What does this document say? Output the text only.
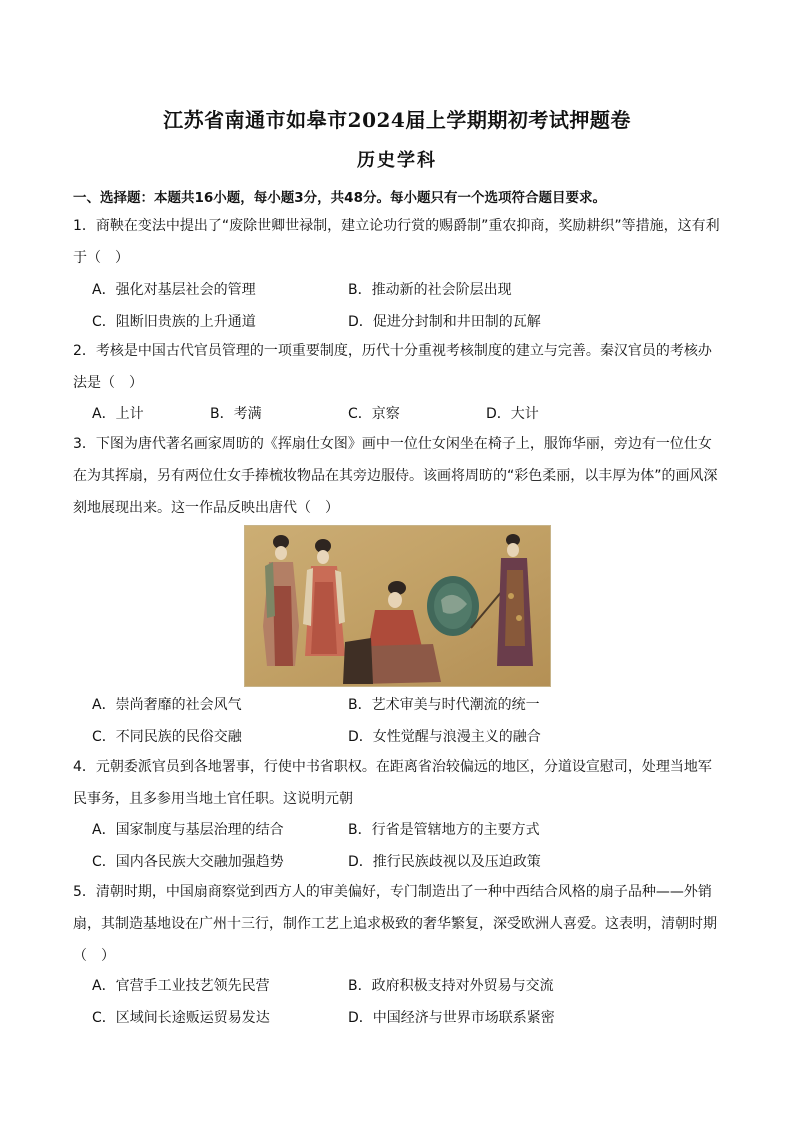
江苏省南通市如皋市2024届上学期期初考试押题卷
历史学科
一、选择题：本题共16小题，每小题3分，共48分。每小题只有一个选项符合题目要求。
1．商鞅在变法中提出了“废除世卿世禄制，建立论功行赏的赐爵制”重农抑商，奖励耕织”等措施，这有利
于（　）
A．强化对基层社会的管理	B．推动新的社会阶层出现
C．阻断旧贵族的上升通道	D．促进分封制和井田制的瓦解
2．考核是中国古代官员管理的一项重要制度，历代十分重视考核制度的建立与完善。秦汉官员的考核办
法是（　）
A．上计	B．考满	C．京察	D．大计
3．下图为唐代著名画家周昉的《挥扇仕女图》画中一位仕女闲坐在椅子上，服饰华丽，旁边有一位仕女
在为其挥扇，另有两位仕女手捧梳妆物品在其旁边服侍。该画将周昉的“彩色柔丽，以丰厚为体”的画风深
刻地展现出来。这一作品反映出唐代（　）
A．崇尚奢靡的社会风气	B．艺术审美与时代潮流的统一
C．不同民族的民俗交融	D．女性觉醒与浪漫主义的融合
4．元朝委派官员到各地署事，行使中书省职权。在距离省治较偏远的地区，分道设宣慰司，处理当地军
民事务，且多参用当地土官任职。这说明元朝
A．国家制度与基层治理的结合	B．行省是管辖地方的主要方式
C．国内各民族大交融加强趋势	D．推行民族歧视以及压迫政策
5．清朝时期，中国扇商察觉到西方人的审美偏好，专门制造出了一种中西结合风格的扇子品种——外销
扇，其制造基地设在广州十三行，制作工艺上追求极致的奢华繁复，深受欧洲人喜爱。这表明，清朝时期
（　）
A．官营手工业技艺领先民营	B．政府积极支持对外贸易与交流
C．区域间长途贩运贸易发达	D．中国经济与世界市场联系紧密
